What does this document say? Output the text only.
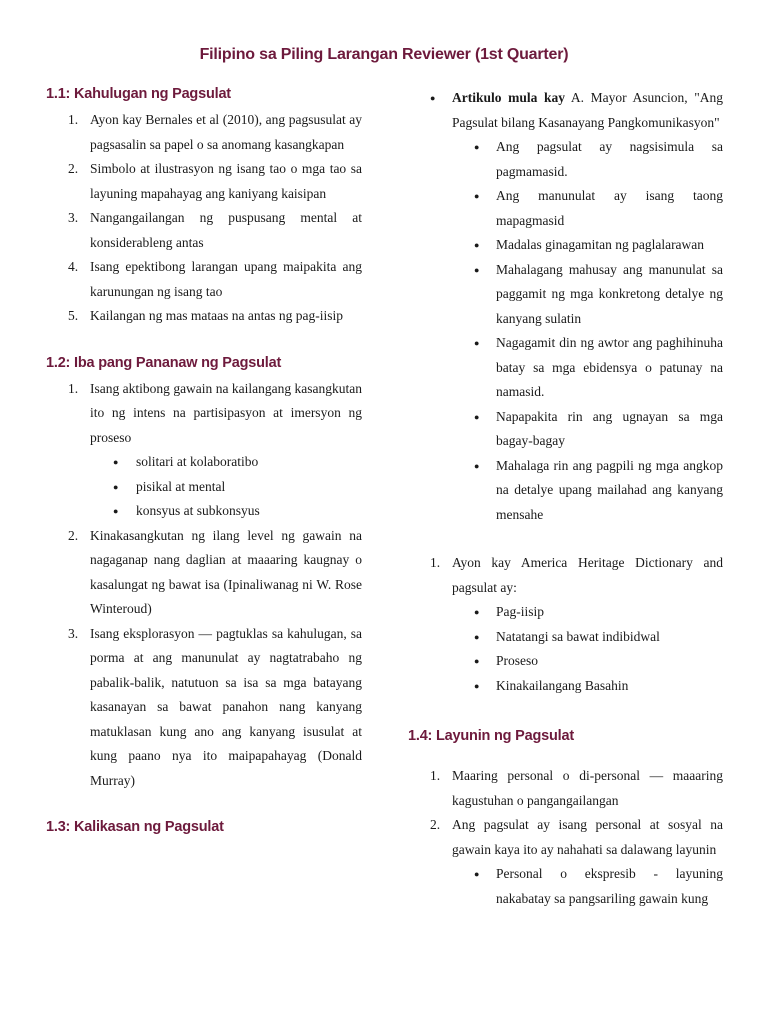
Filipino sa Piling Larangan Reviewer (1st Quarter)
1.1: Kahulugan ng Pagsulat
1. Ayon kay Bernales et al (2010), ang pagsusulat ay pagsasalin sa papel o sa anomang kasangkapan
2. Simbolo at ilustrasyon ng isang tao o mga tao sa layuning mapahayag ang kaniyang kaisipan
3. Nangangailangan ng puspusang mental at konsiderableng antas
4. Isang epektibong larangan upang maipakita ang karunungan ng isang tao
5. Kailangan ng mas mataas na antas ng pag-iisip
1.2: Iba pang Pananaw ng Pagsulat
1. Isang aktibong gawain na kailangang kasangkutan ito ng intens na partisipasyon at imersyon ng proseso
● solitari at kolaboratibo
● pisikal at mental
● konsyus at subkonsyus
2. Kinakasangkutan ng ilang level ng gawain na nagaganap nang daglian at maaaring kaugnay o kasalungat ng bawat isa (Ipinaliwanag ni W. Rose Winteroud)
3. Isang eksplorasyon — pagtuklas sa kahulugan, sa porma at ang manunulat ay nagtatrabaho ng pabalik-balik, natutuon sa isa sa mga batayang kasanayan sa bawat panahon nang kanyang matuklasan kung ano ang kanyang isusulat at kung paano nya ito maipapahayag (Donald Murray)
1.3: Kalikasan ng Pagsulat
● Artikulo mula kay A. Mayor Asuncion, "Ang Pagsulat bilang Kasanayang Pangkomunikasyon"
● Ang pagsulat ay nagsisimula sa pagmamasid.
● Ang manunulat ay isang taong mapagmasid
● Madalas ginagamitan ng paglalarawan
● Mahalagang mahusay ang manunulat sa paggamit ng mga konkretong detalye ng kanyang sulatin
● Nagagamit din ng awtor ang paghihinuha batay sa mga ebidensya o patunay na namasid.
● Napapakita rin ang ugnayan sa mga bagay-bagay
● Mahalaga rin ang pagpili ng mga angkop na detalye upang mailahad ang kanyang mensahe
1. Ayon kay America Heritage Dictionary and pagsulat ay:
● Pag-iisip
● Natatangi sa bawat indibidwal
● Proseso
● Kinakailangang Basahin
1.4: Layunin ng Pagsulat
1. Maaring personal o di-personal — maaaring kagustuhan o pangangailangan
2. Ang pagsulat ay isang personal at sosyal na gawain kaya ito ay nahahati sa dalawang layunin
● Personal o ekspresib - layuning nakabatay sa pangsariling gawain kung
